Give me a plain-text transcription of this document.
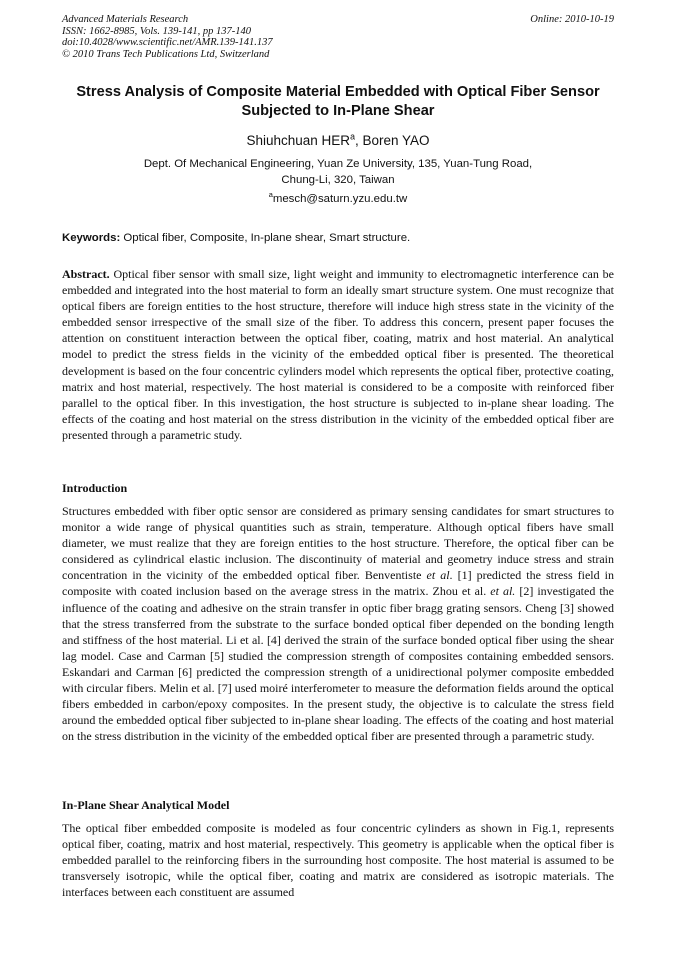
Advanced Materials Research
ISSN: 1662-8985, Vols. 139-141, pp 137-140
doi:10.4028/www.scientific.net/AMR.139-141.137
© 2010 Trans Tech Publications Ltd, Switzerland
Online: 2010-10-19
Stress Analysis of Composite Material Embedded with Optical Fiber Sensor Subjected to In-Plane Shear
Shiuhchuan HER$^a$, Boren YAO
Dept. Of Mechanical Engineering, Yuan Ze University, 135, Yuan-Tung Road,
Chung-Li, 320, Taiwan
$^a$mesch@saturn.yzu.edu.tw
Keywords: Optical fiber, Composite, In-plane shear, Smart structure.

Abstract. Optical fiber sensor with small size, light weight and immunity to electromagnetic interference can be embedded and integrated into the host material to form an ideally smart structure system. One must recognize that optical fibers are foreign entities to the host structure, therefore will induce high stress state in the vicinity of the embedded sensor irrespective of the small size of the fiber. To address this concern, present paper focuses the attention on constituent interaction between the optical fiber, coating, matrix and host material. An analytical model to predict the stress fields in the vicinity of the embedded optical fiber is presented. The theoretical development is based on the four concentric cylinders model which represents the optical fiber, protective coating, matrix and host material, respectively. The host material is considered to be a composite with reinforced fiber parallel to the optical fiber. In this investigation, the host structure is subjected to in-plane shear loading. The effects of the coating and host material on the stress distribution in the vicinity of the embedded optical fiber are presented through a parametric study.

Introduction

Structures embedded with fiber optic sensor are considered as primary sensing candidates for smart structures to monitor a wide range of physical quantities such as strain, temperature. Although optical fibers have small diameter, we must realize that they are foreign entities to the host structure. Therefore, the optical fiber can be considered as cylindrical elastic inclusion. The discontinuity of material and geometry induce stress and strain concentration in the vicinity of the embedded optical fiber. Benventiste et al. [1] predicted the stress field in composite with coated inclusion based on the average stress in the matrix. Zhou et al. et al. [2] investigated the influence of the coating and adhesive on the strain transfer in optic fiber bragg grating sensors. Cheng [3] showed that the stress transferred from the substrate to the surface bonded optical fiber depended on the bonding length and stiffness of the host material. Li et al. [4] derived the strain of the surface bonded optical fiber using the shear lag model. Case and Carman [5] studied the compression strength of composites containing embedded sensors. Eskandari and Carman [6] predicted the compression strength of a unidirectional polymer composite embedded with circular fibers. Melin et al. [7] used moiré interferometer to measure the deformation fields around the optical fibers embedded in carbon/epoxy composites. In the present study, the objective is to calculate the stress field around the embedded optical fiber subjected to in-plane shear loading. The effects of the coating and host material on the stress distribution in the vicinity of the embedded optical fiber are presented through a parametric study.

In-Plane Shear Analytical Model

The optical fiber embedded composite is modeled as four concentric cylinders as shown in Fig.1, represents optical fiber, coating, matrix and host material, respectively. This geometry is applicable when the optical fiber is embedded parallel to the reinforcing fibers in the surrounding host composite. The host material is assumed to be transversely isotropic, while the optical fiber, coating and matrix are considered as isotropic materials. The interfaces between each constituent are assumed
